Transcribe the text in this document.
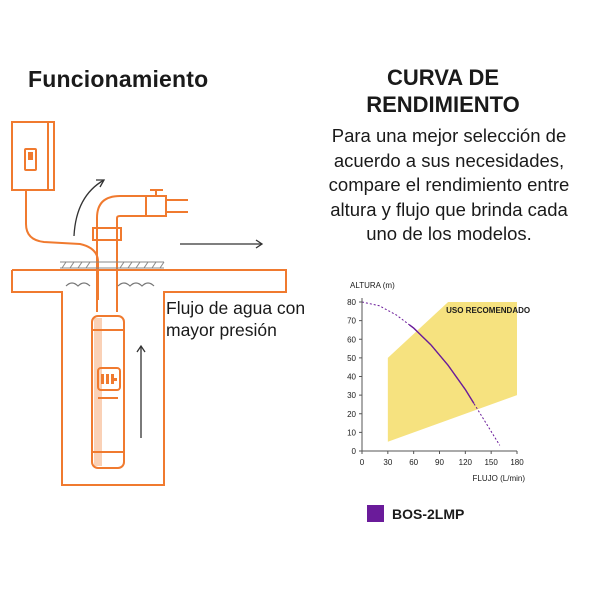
Funcionamiento	CURVA DE
RENDIMIENTO
Para una mejor selección de acuerdo a sus necesidades, compare el rendimiento entre altura y flujo que brinda cada uno de los modelos.
Flujo de agua con
mayor presión
0
10
20
30
40
50
60
70
80
0 30 60 90 120 150 180
USO RECOMENDADO
ALTURA (m)
FLUJO (L/min)
BOS-2LMP
